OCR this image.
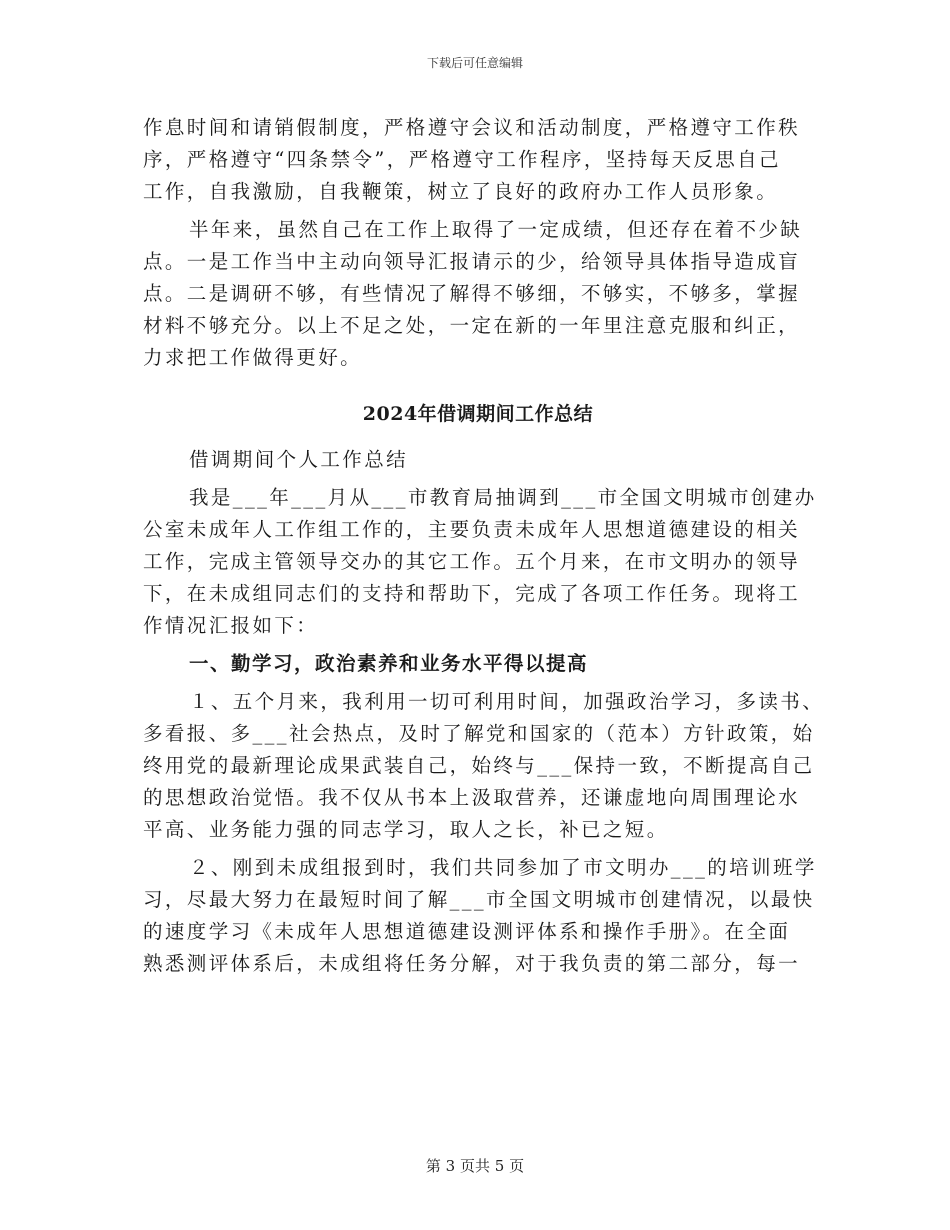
下载后可任意编辑
作息时间和请销假制度，严格遵守会议和活动制度，严格遵守工作秩
序，严格遵守“四条禁令”，严格遵守工作程序，坚持每天反思自己
工作，自我激励，自我鞭策，树立了良好的政府办工作人员形象。
半年来，虽然自己在工作上取得了一定成绩，但还存在着不少缺
点。一是工作当中主动向领导汇报请示的少，给领导具体指导造成盲
点。二是调研不够，有些情况了解得不够细，不够实，不够多，掌握
材料不够充分。以上不足之处，一定在新的一年里注意克服和纠正，
力求把工作做得更好。
2024年借调期间工作总结
借调期间个人工作总结
我是___年___月从___市教育局抽调到___市全国文明城市创建办
公室未成年人工作组工作的，主要负责未成年人思想道德建设的相关
工作，完成主管领导交办的其它工作。五个月来，在市文明办的领导
下，在未成组同志们的支持和帮助下，完成了各项工作任务。现将工
作情况汇报如下：
一、勤学习，政治素养和业务水平得以提高
１、五个月来，我利用一切可利用时间，加强政治学习，多读书、
多看报、多___社会热点，及时了解党和国家的（范本）方针政策，始
终用党的最新理论成果武装自己，始终与___保持一致，不断提高自己
的思想政治觉悟。我不仅从书本上汲取营养，还谦虚地向周围理论水
平高、业务能力强的同志学习，取人之长，补已之短。
２、刚到未成组报到时，我们共同参加了市文明办___的培训班学
习，尽最大努力在最短时间了解___市全国文明城市创建情况，以最快
的速度学习《未成年人思想道德建设测评体系和操作手册》。在全面
熟悉测评体系后，未成组将任务分解，对于我负责的第二部分，每一
第 3 页共 5 页
